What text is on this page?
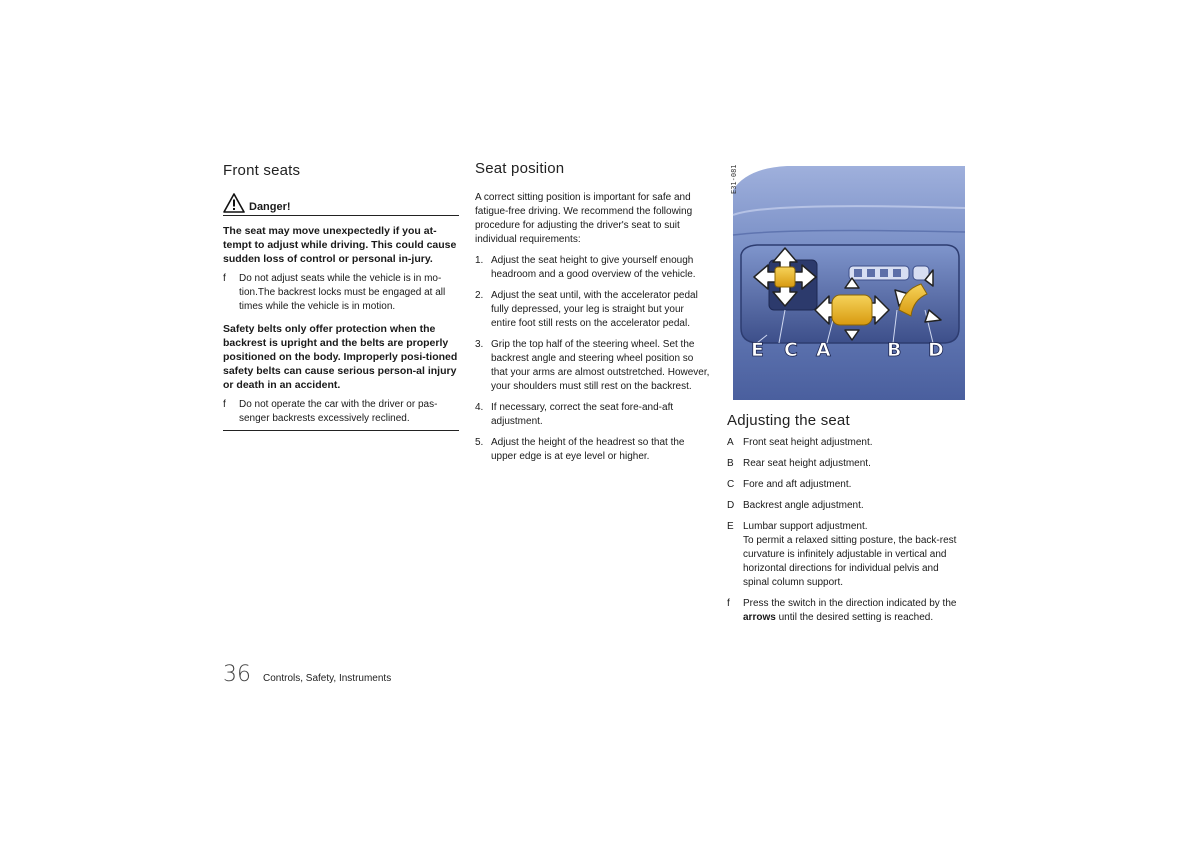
Front seats
Danger!

The seat may move unexpectedly if you at-tempt to adjust while driving. This could cause sudden loss of control or personal in-jury.

f	Do not adjust seats while the vehicle is in mo-tion.The backrest locks must be engaged at all times while the vehicle is in motion.

Safety belts only offer protection when the backrest is upright and the belts are properly positioned on the body. Improperly posi-tioned safety belts can cause serious person-al injury or death in an accident.

f	Do not operate the car with the driver or pas-senger backrests excessively reclined.
Seat position

A correct sitting position is important for safe and fatigue-free driving. We recommend the following procedure for adjusting the driver's seat to suit individual requirements:

1. Adjust the seat height to give yourself enough headroom and a good overview of the vehicle.
2. Adjust the seat until, with the accelerator pedal fully depressed, your leg is straight but your entire foot still rests on the accelerator pedal.
3. Grip the top half of the steering wheel. Set the backrest angle and steering wheel position so that your arms are almost outstretched. However, your shoulders must still rest on the backrest.
4. If necessary, correct the seat fore-and-aft adjustment.
5. Adjust the height of the headrest so that the upper edge is at eye level or higher.
E C A	B D
E31-081
Adjusting the seat
A Front seat height adjustment.
B Rear seat height adjustment.
C Fore and aft adjustment.
D Backrest angle adjustment.
E Lumbar support adjustment.
To permit a relaxed sitting posture, the back-rest curvature is infinitely adjustable in vertical and horizontal directions for individual pelvis and spinal column support.
f	Press the switch in the direction indicated by the arrows until the desired setting is reached.
36 Controls, Safety, Instruments
